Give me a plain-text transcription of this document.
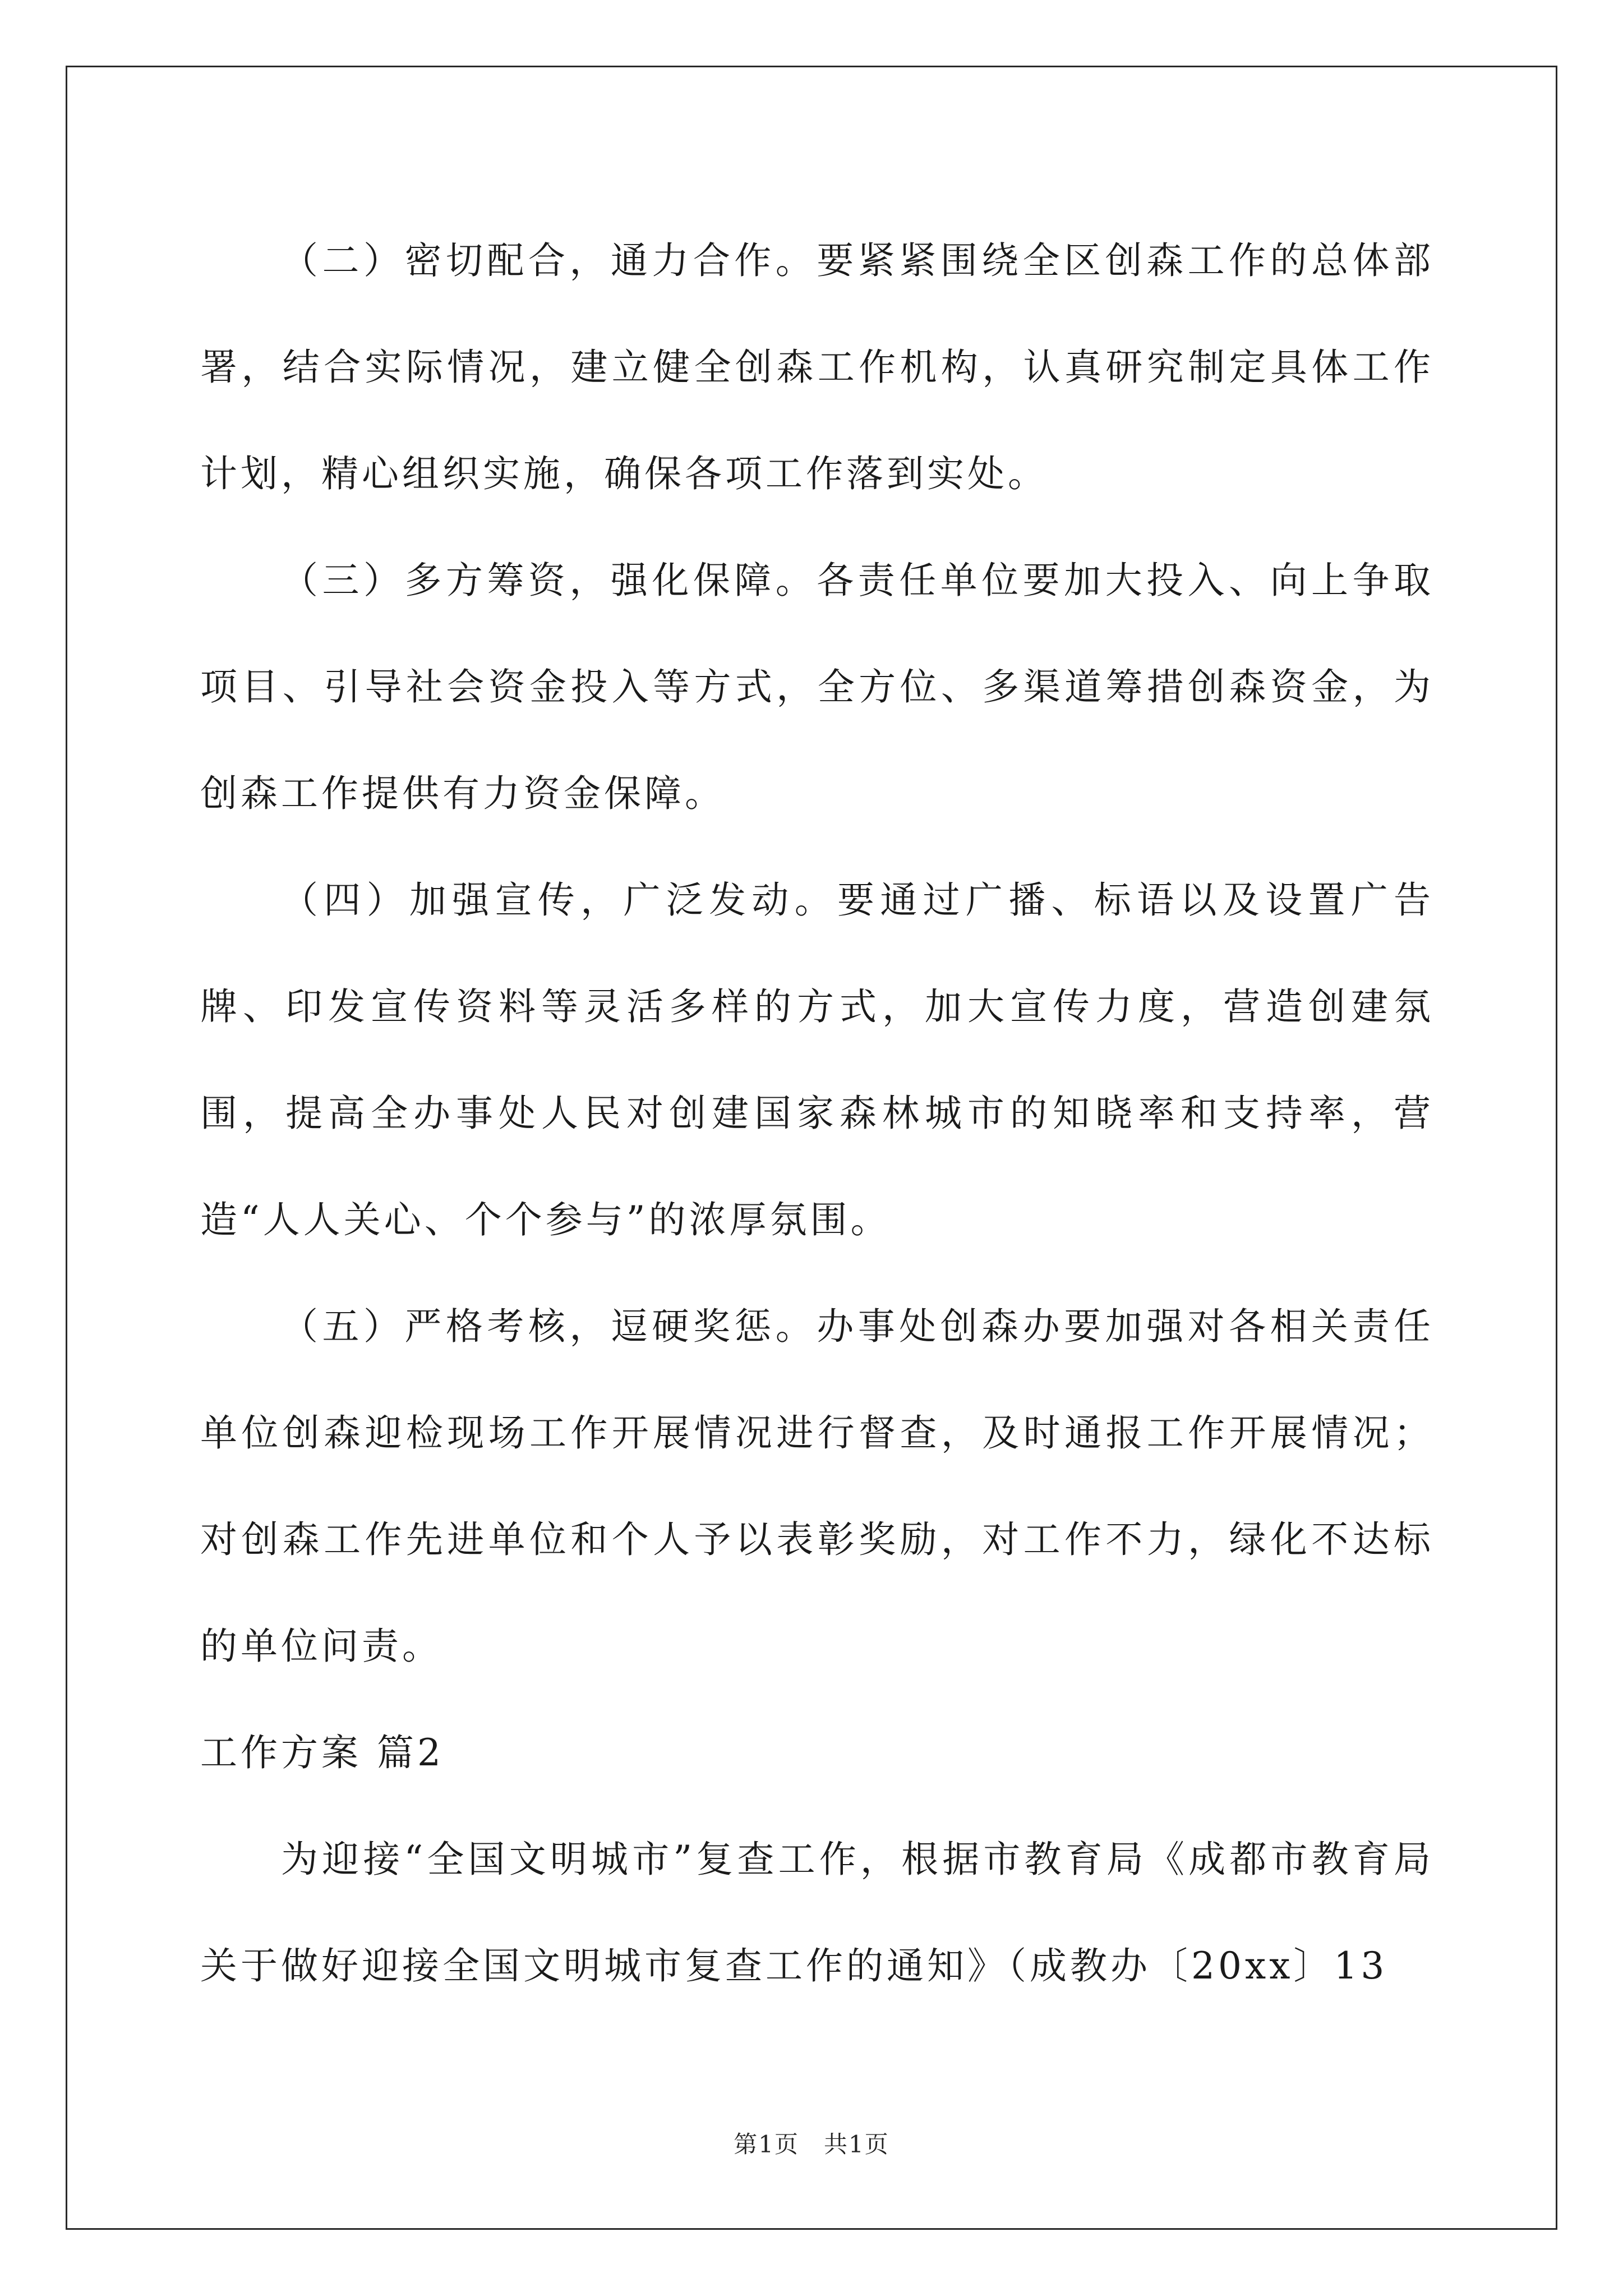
（二）密切配合，通力合作。要紧紧围绕全区创森工作的总体部署，结合实际情况，建立健全创森工作机构，认真研究制定具体工作计划，精心组织实施，确保各项工作落到实处。

（三）多方筹资，强化保障。各责任单位要加大投入、向上争取项目、引导社会资金投入等方式，全方位、多渠道筹措创森资金，为创森工作提供有力资金保障。

（四）加强宣传，广泛发动。要通过广播、标语以及设置广告牌、印发宣传资料等灵活多样的方式，加大宣传力度，营造创建氛围，提高全办事处人民对创建国家森林城市的知晓率和支持率，营造“人人关心、个个参与”的浓厚氛围。

（五）严格考核，逗硬奖惩。办事处创森办要加强对各相关责任单位创森迎检现场工作开展情况进行督查，及时通报工作开展情况；对创森工作先进单位和个人予以表彰奖励，对工作不力，绿化不达标的单位问责。

工作方案 篇2

为迎接“全国文明城市”复查工作，根据市教育局《成都市教育局关于做好迎接全国文明城市复查工作的通知》（成教办〔20xx〕13

第1页　共1页
